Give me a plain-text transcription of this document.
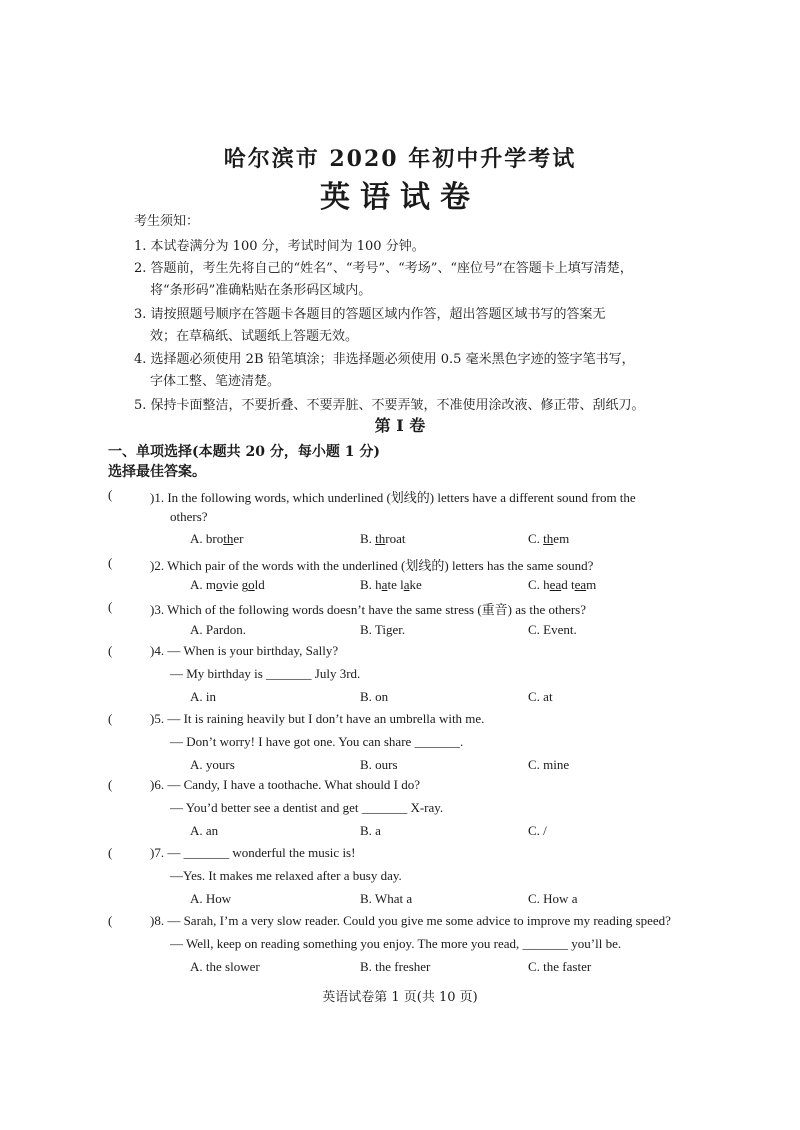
哈尔滨市 2020 年初中升学考试
英语试卷
考生须知：
1. 本试卷满分为 100 分，考试时间为 100 分钟。
2. 答题前，考生先将自己的“姓名”、“考号”、“考场”、“座位号”在答题卡上填写清楚，
将“条形码”准确粘贴在条形码区域内。
3. 请按照题号顺序在答题卡各题目的答题区域内作答，超出答题区域书写的答案无
效；在草稿纸、试题纸上答题无效。
4. 选择题必须使用 2B 铅笔填涂；非选择题必须使用 0.5 毫米黑色字迹的签字笔书写，
字体工整、笔迹清楚。
5. 保持卡面整洁，不要折叠、不要弄脏、不要弄皱，不准使用涂改液、修正带、刮纸刀。
第 I 卷
一、单项选择(本题共 20 分，每小题 1 分)
选择最佳答案。
(	)1. In the following words, which underlined (划线的) letters have a different sound from the
others?
A. brother	B. throat	C. them
(	)2. Which pair of the words with the underlined (划线的) letters has the same sound?
A. movie gold	B. hate lake	C. head team
(	)3. Which of the following words doesn’t have the same stress (重音) as the others?
A. Pardon.	B. Tiger.	C. Event.
(	)4. — When is your birthday, Sally?
— My birthday is _______ July 3rd.
A. in	B. on	C. at
(	)5. — It is raining heavily but I don’t have an umbrella with me.
— Don’t worry! I have got one. You can share _______.
A. yours	B. ours	C. mine
(	)6. — Candy, I have a toothache. What should I do?
— You’d better see a dentist and get _______ X-ray.
A. an	B. a	C. /
(	)7. — _______ wonderful the music is!
—Yes. It makes me relaxed after a busy day.
A. How	B. What a	C. How a
(	)8. — Sarah, I’m a very slow reader. Could you give me some advice to improve my reading speed?
— Well, keep on reading something you enjoy. The more you read, _______ you’ll be.
A. the slower	B. the fresher	C. the faster
英语试卷第 1 页(共 10 页)
